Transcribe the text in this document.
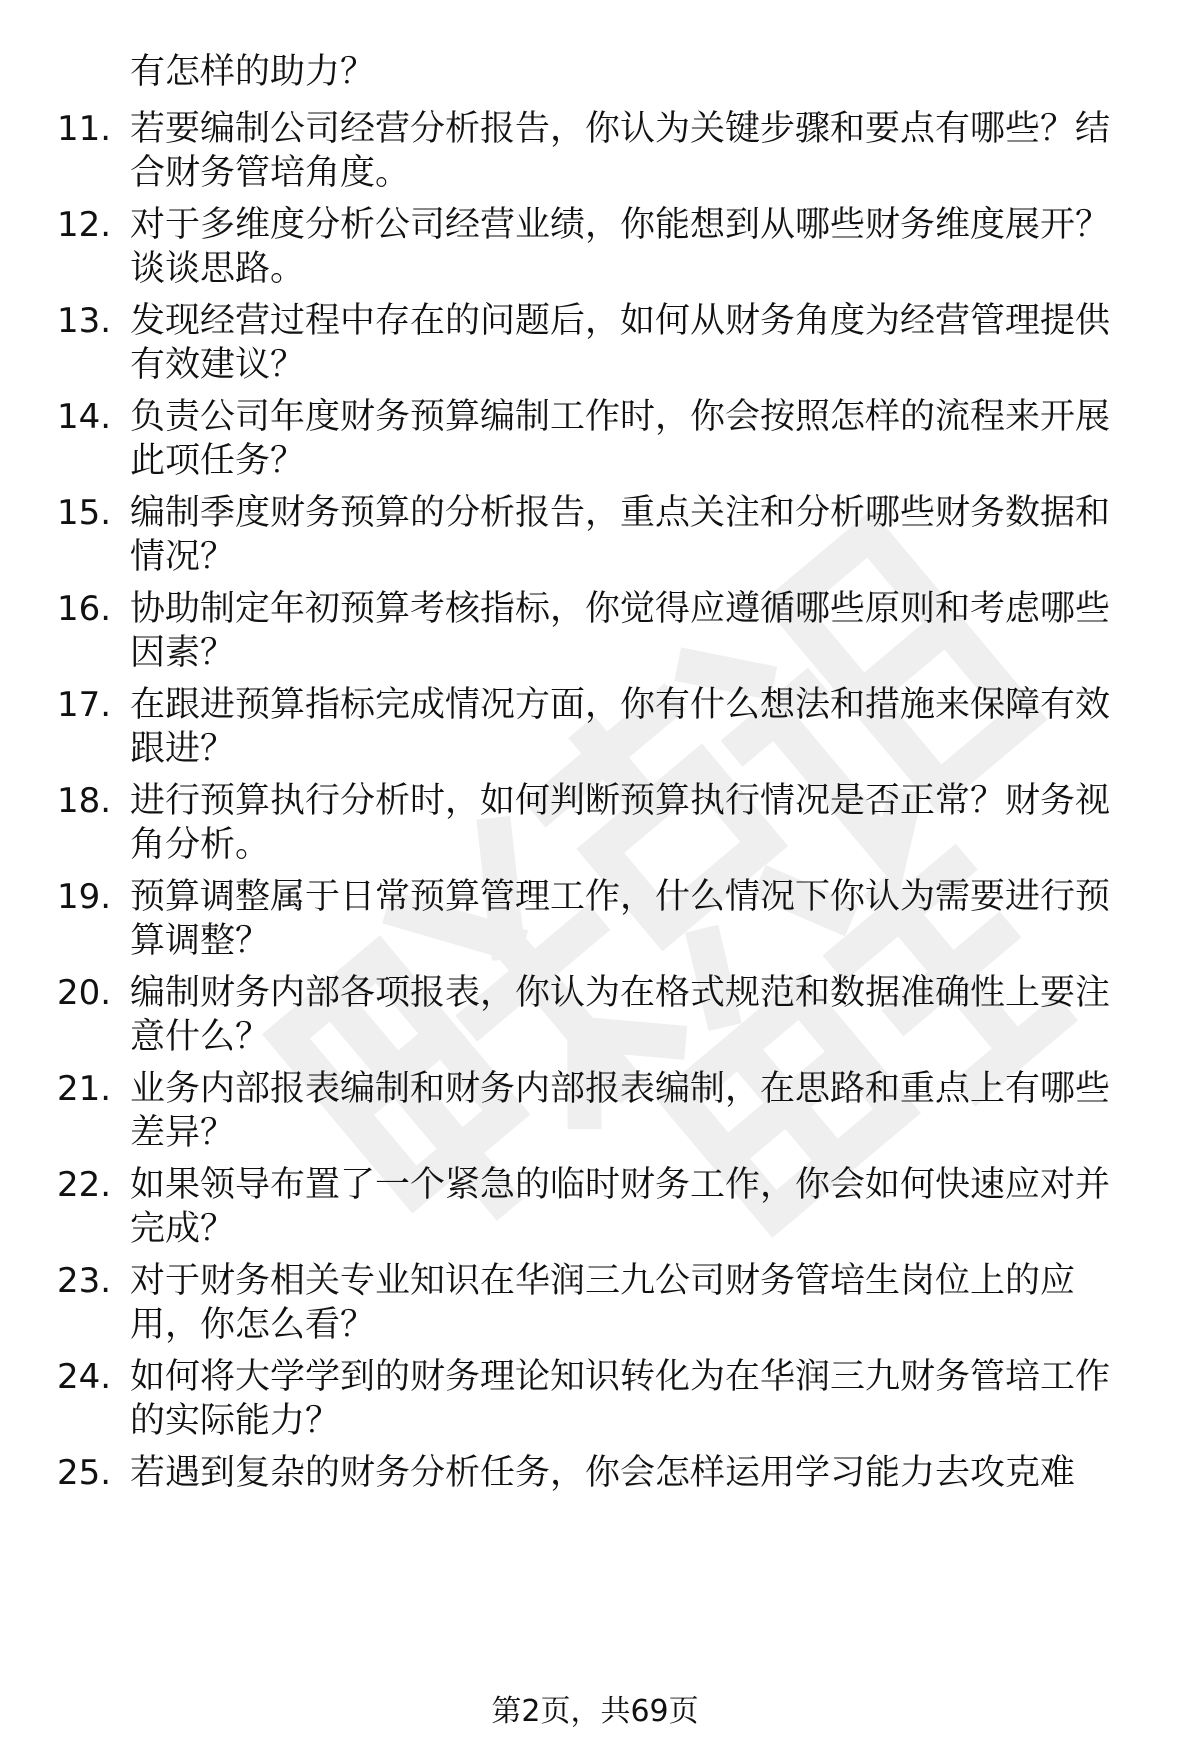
有怎样的助力？
11. 若要编制公司经营分析报告，你认为关键步骤和要点有哪些？结
合财务管培角度。
12. 对于多维度分析公司经营业绩，你能想到从哪些财务维度展开？
谈谈思路。
13. 发现经营过程中存在的问题后，如何从财务角度为经营管理提供
有效建议？
14. 负责公司年度财务预算编制工作时，你会按照怎样的流程来开展
此项任务？
15. 编制季度财务预算的分析报告，重点关注和分析哪些财务数据和
情况？
16. 协助制定年初预算考核指标，你觉得应遵循哪些原则和考虑哪些
因素？
17. 在跟进预算指标完成情况方面，你有什么想法和措施来保障有效
跟进？
18. 进行预算执行分析时，如何判断预算执行情况是否正常？财务视
角分析。
19. 预算调整属于日常预算管理工作，什么情况下你认为需要进行预
算调整？
20. 编制财务内部各项报表，你认为在格式规范和数据准确性上要注
意什么？
21. 业务内部报表编制和财务内部报表编制，在思路和重点上有哪些
差异？
22. 如果领导布置了一个紧急的临时财务工作，你会如何快速应对并
完成？
23. 对于财务相关专业知识在华润三九公司财务管培生岗位上的应
用，你怎么看？
24. 如何将大学学到的财务理论知识转化为在华润三九财务管培工作
的实际能力？
25. 若遇到复杂的财务分析任务，你会怎样运用学习能力去攻克难
第2页，共69页
